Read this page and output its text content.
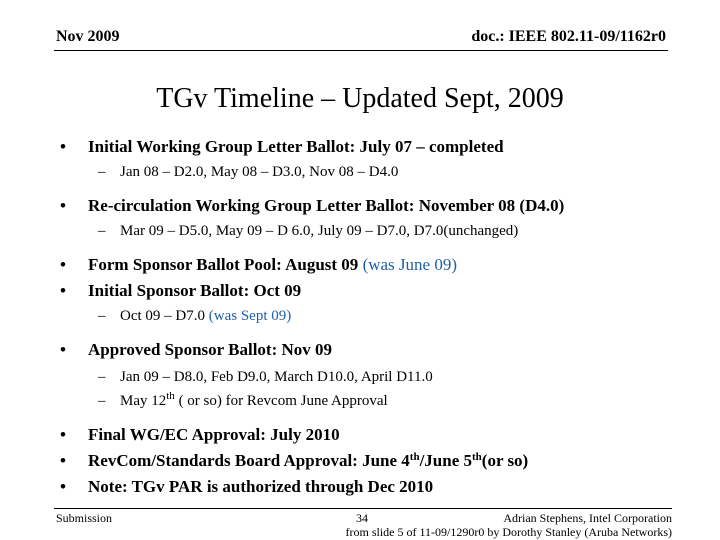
Nov 2009	doc.: IEEE 802.11-09/1162r0
TGv Timeline – Updated Sept, 2009
• Initial Working Group Letter Ballot: July 07 – completed
– Jan 08 – D2.0, May 08 – D3.0, Nov 08 – D4.0
• Re-circulation Working Group Letter Ballot: November 08 (D4.0)
– Mar 09 – D5.0, May 09 – D 6.0, July 09 – D7.0, D7.0(unchanged)
• Form Sponsor Ballot Pool: August 09 (was June 09)
• Initial Sponsor Ballot: Oct 09
– Oct 09 – D7.0 (was Sept 09)
• Approved Sponsor Ballot: Nov 09
– Jan 09 – D8.0, Feb D9.0, March D10.0, April D11.0
– May 12th ( or so) for Revcom June Approval
• Final WG/EC Approval: July 2010
• RevCom/Standards Board Approval: June 4th/June 5th(or so)
• Note: TGv PAR is authorized through Dec 2010
Submission	34	Adrian Stephens, Intel Corporation
from slide 5 of 11-09/1290r0 by Dorothy Stanley (Aruba Networks)
